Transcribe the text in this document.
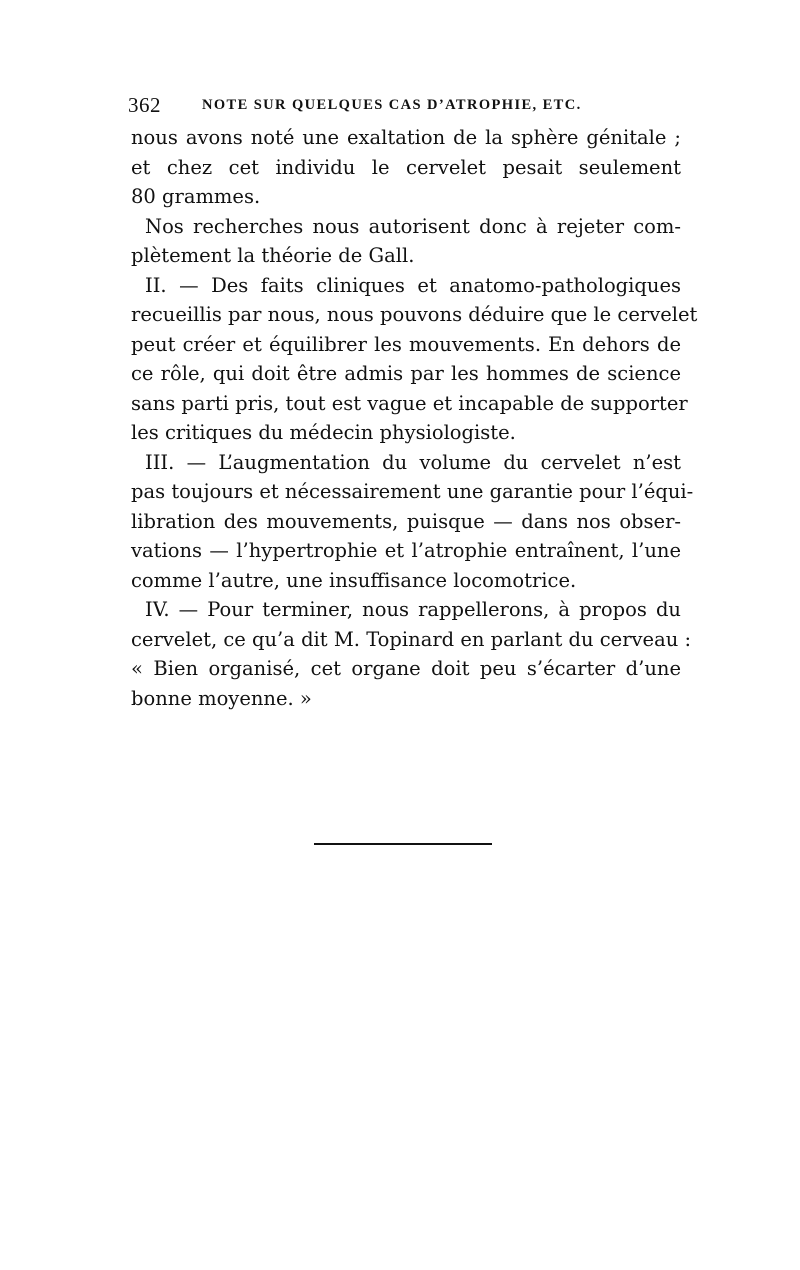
362	NOTE SUR QUELQUES CAS D’ATROPHIE, ETC.
nous avons noté une exaltation de la sphère génitale ;
et chez cet individu le cervelet pesait seulement
80 grammes.
Nos recherches nous autorisent donc à rejeter com-
plètement la théorie de Gall.
II. — Des faits cliniques et anatomo-pathologiques
recueillis par nous, nous pouvons déduire que le cervelet
peut créer et équilibrer les mouvements. En dehors de
ce rôle, qui doit être admis par les hommes de science
sans parti pris, tout est vague et incapable de supporter
les critiques du médecin physiologiste.
III. — L’augmentation du volume du cervelet n’est
pas toujours et nécessairement une garantie pour l’équi-
libration des mouvements, puisque — dans nos obser-
vations — l’hypertrophie et l’atrophie entraînent, l’une
comme l’autre, une insuffisance locomotrice.
IV. — Pour terminer, nous rappellerons, à propos du
cervelet, ce qu’a dit M. Topinard en parlant du cerveau :
« Bien organisé, cet organe doit peu s’écarter d’une
bonne moyenne. »
